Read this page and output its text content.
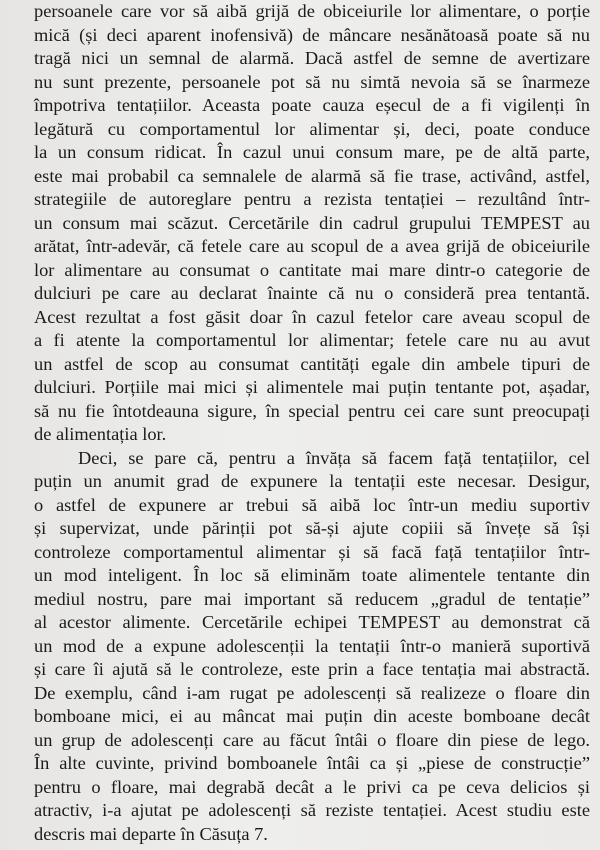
persoanele care vor să aibă grijă de obiceiurile lor alimentare, o porție
mică (și deci aparent inofensivă) de mâncare nesănătoasă poate să nu
tragă nici un semnal de alarmă. Dacă astfel de semne de avertizare
nu sunt prezente, persoanele pot să nu simtă nevoia să se înarmeze
împotriva tentațiilor. Aceasta poate cauza eșecul de a fi vigilenți în
legătură cu comportamentul lor alimentar și, deci, poate conduce
la un consum ridicat. În cazul unui consum mare, pe de altă parte,
este mai probabil ca semnalele de alarmă să fie trase, activând, astfel,
strategiile de autoreglare pentru a rezista tentației – rezultând într-
un consum mai scăzut. Cercetările din cadrul grupului TEMPEST au
arătat, într-adevăr, că fetele care au scopul de a avea grijă de obiceiurile
lor alimentare au consumat o cantitate mai mare dintr-o categorie de
dulciuri pe care au declarat înainte că nu o consideră prea tentantă.
Acest rezultat a fost găsit doar în cazul fetelor care aveau scopul de
a fi atente la comportamentul lor alimentar; fetele care nu au avut
un astfel de scop au consumat cantități egale din ambele tipuri de
dulciuri. Porțiile mai mici și alimentele mai puțin tentante pot, așadar,
să nu fie întotdeauna sigure, în special pentru cei care sunt preocupați
de alimentația lor.
Deci, se pare că, pentru a învăța să facem față tentațiilor, cel
puțin un anumit grad de expunere la tentații este necesar. Desigur,
o astfel de expunere ar trebui să aibă loc într-un mediu suportiv
și supervizat, unde părinții pot să-și ajute copiii să învețe să își
controleze comportamentul alimentar și să facă față tentațiilor într-
un mod inteligent. În loc să eliminăm toate alimentele tentante din
mediul nostru, pare mai important să reducem „gradul de tentație”
al acestor alimente. Cercetările echipei TEMPEST au demonstrat că
un mod de a expune adolescenții la tentații într-o manieră suportivă
și care îi ajută să le controleze, este prin a face tentația mai abstractă.
De exemplu, când i-am rugat pe adolescenți să realizeze o floare din
bomboane mici, ei au mâncat mai puțin din aceste bomboane decât
un grup de adolescenți care au făcut întâi o floare din piese de lego.
În alte cuvinte, privind bomboanele întâi ca și „piese de construcție”
pentru o floare, mai degrabă decât a le privi ca pe ceva delicios și
atractiv, i-a ajutat pe adolescenți să reziste tentației. Acest studiu este
descris mai departe în Căsuța 7.
